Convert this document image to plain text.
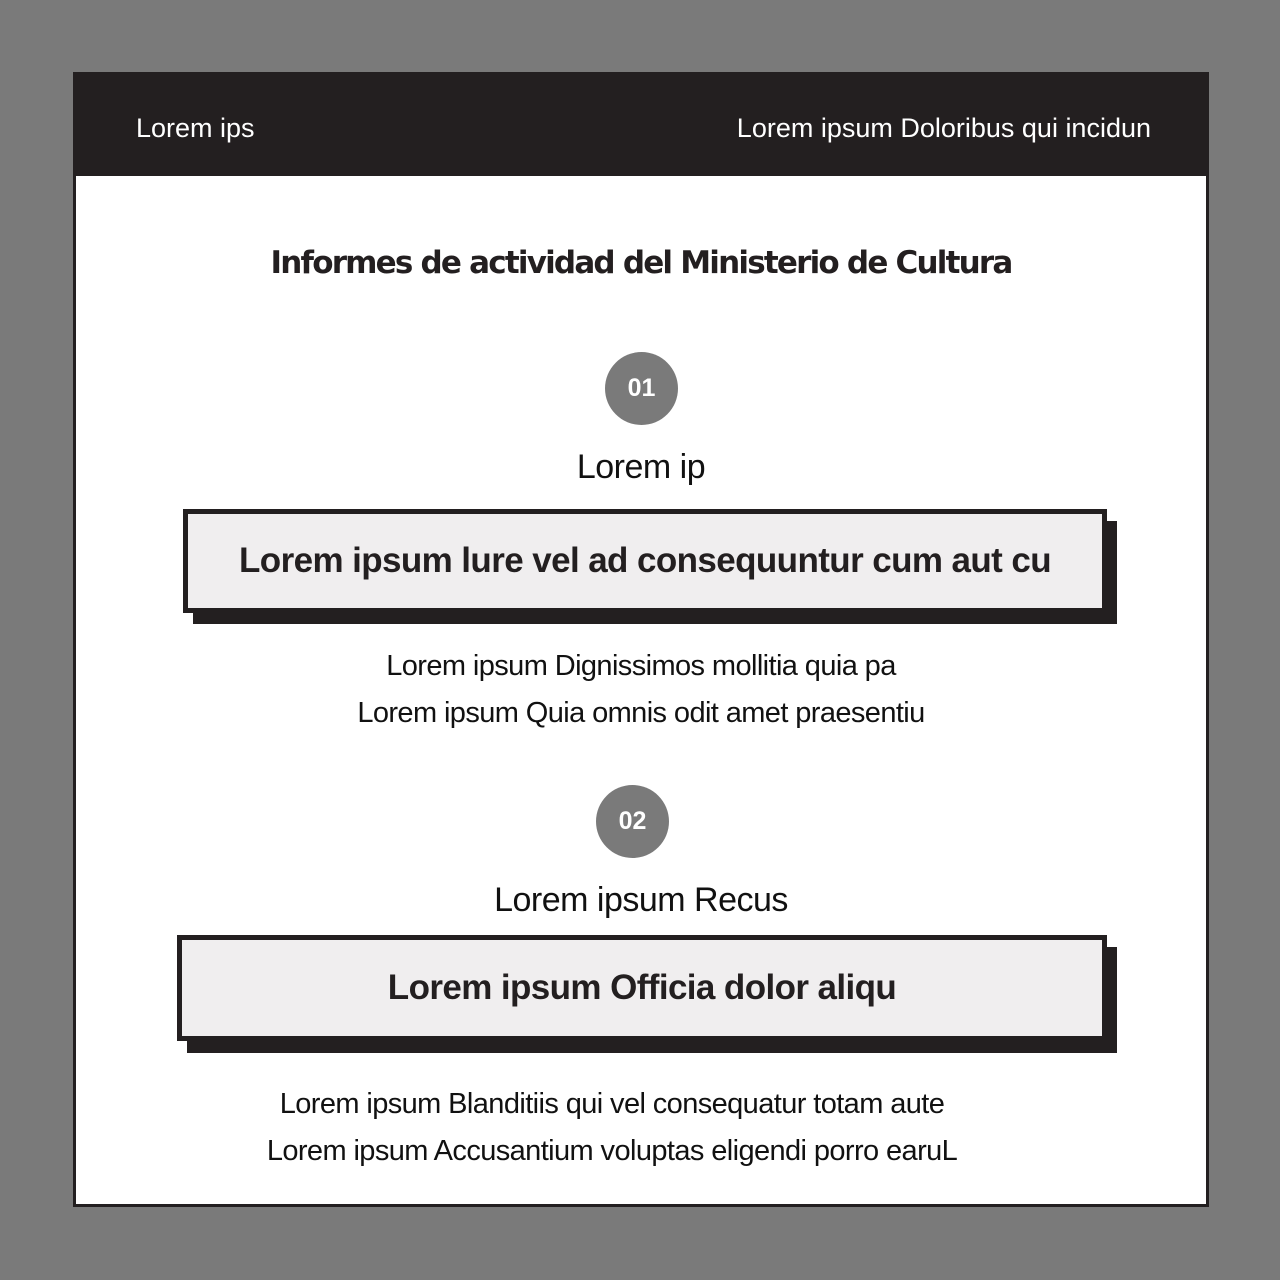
Lorem ips	Lorem ipsum Doloribus qui incidun
Informes de actividad del Ministerio de Cultura
01
Lorem ip
Lorem ipsum lure vel ad consequuntur cum aut cu
Lorem ipsum Dignissimos mollitia quia pa
Lorem ipsum Quia omnis odit amet praesentiu
02
Lorem ipsum Recus
Lorem ipsum Officia dolor aliqu
Lorem ipsum Blanditiis qui vel consequatur totam aute
Lorem ipsum Accusantium voluptas eligendi porro earuL
